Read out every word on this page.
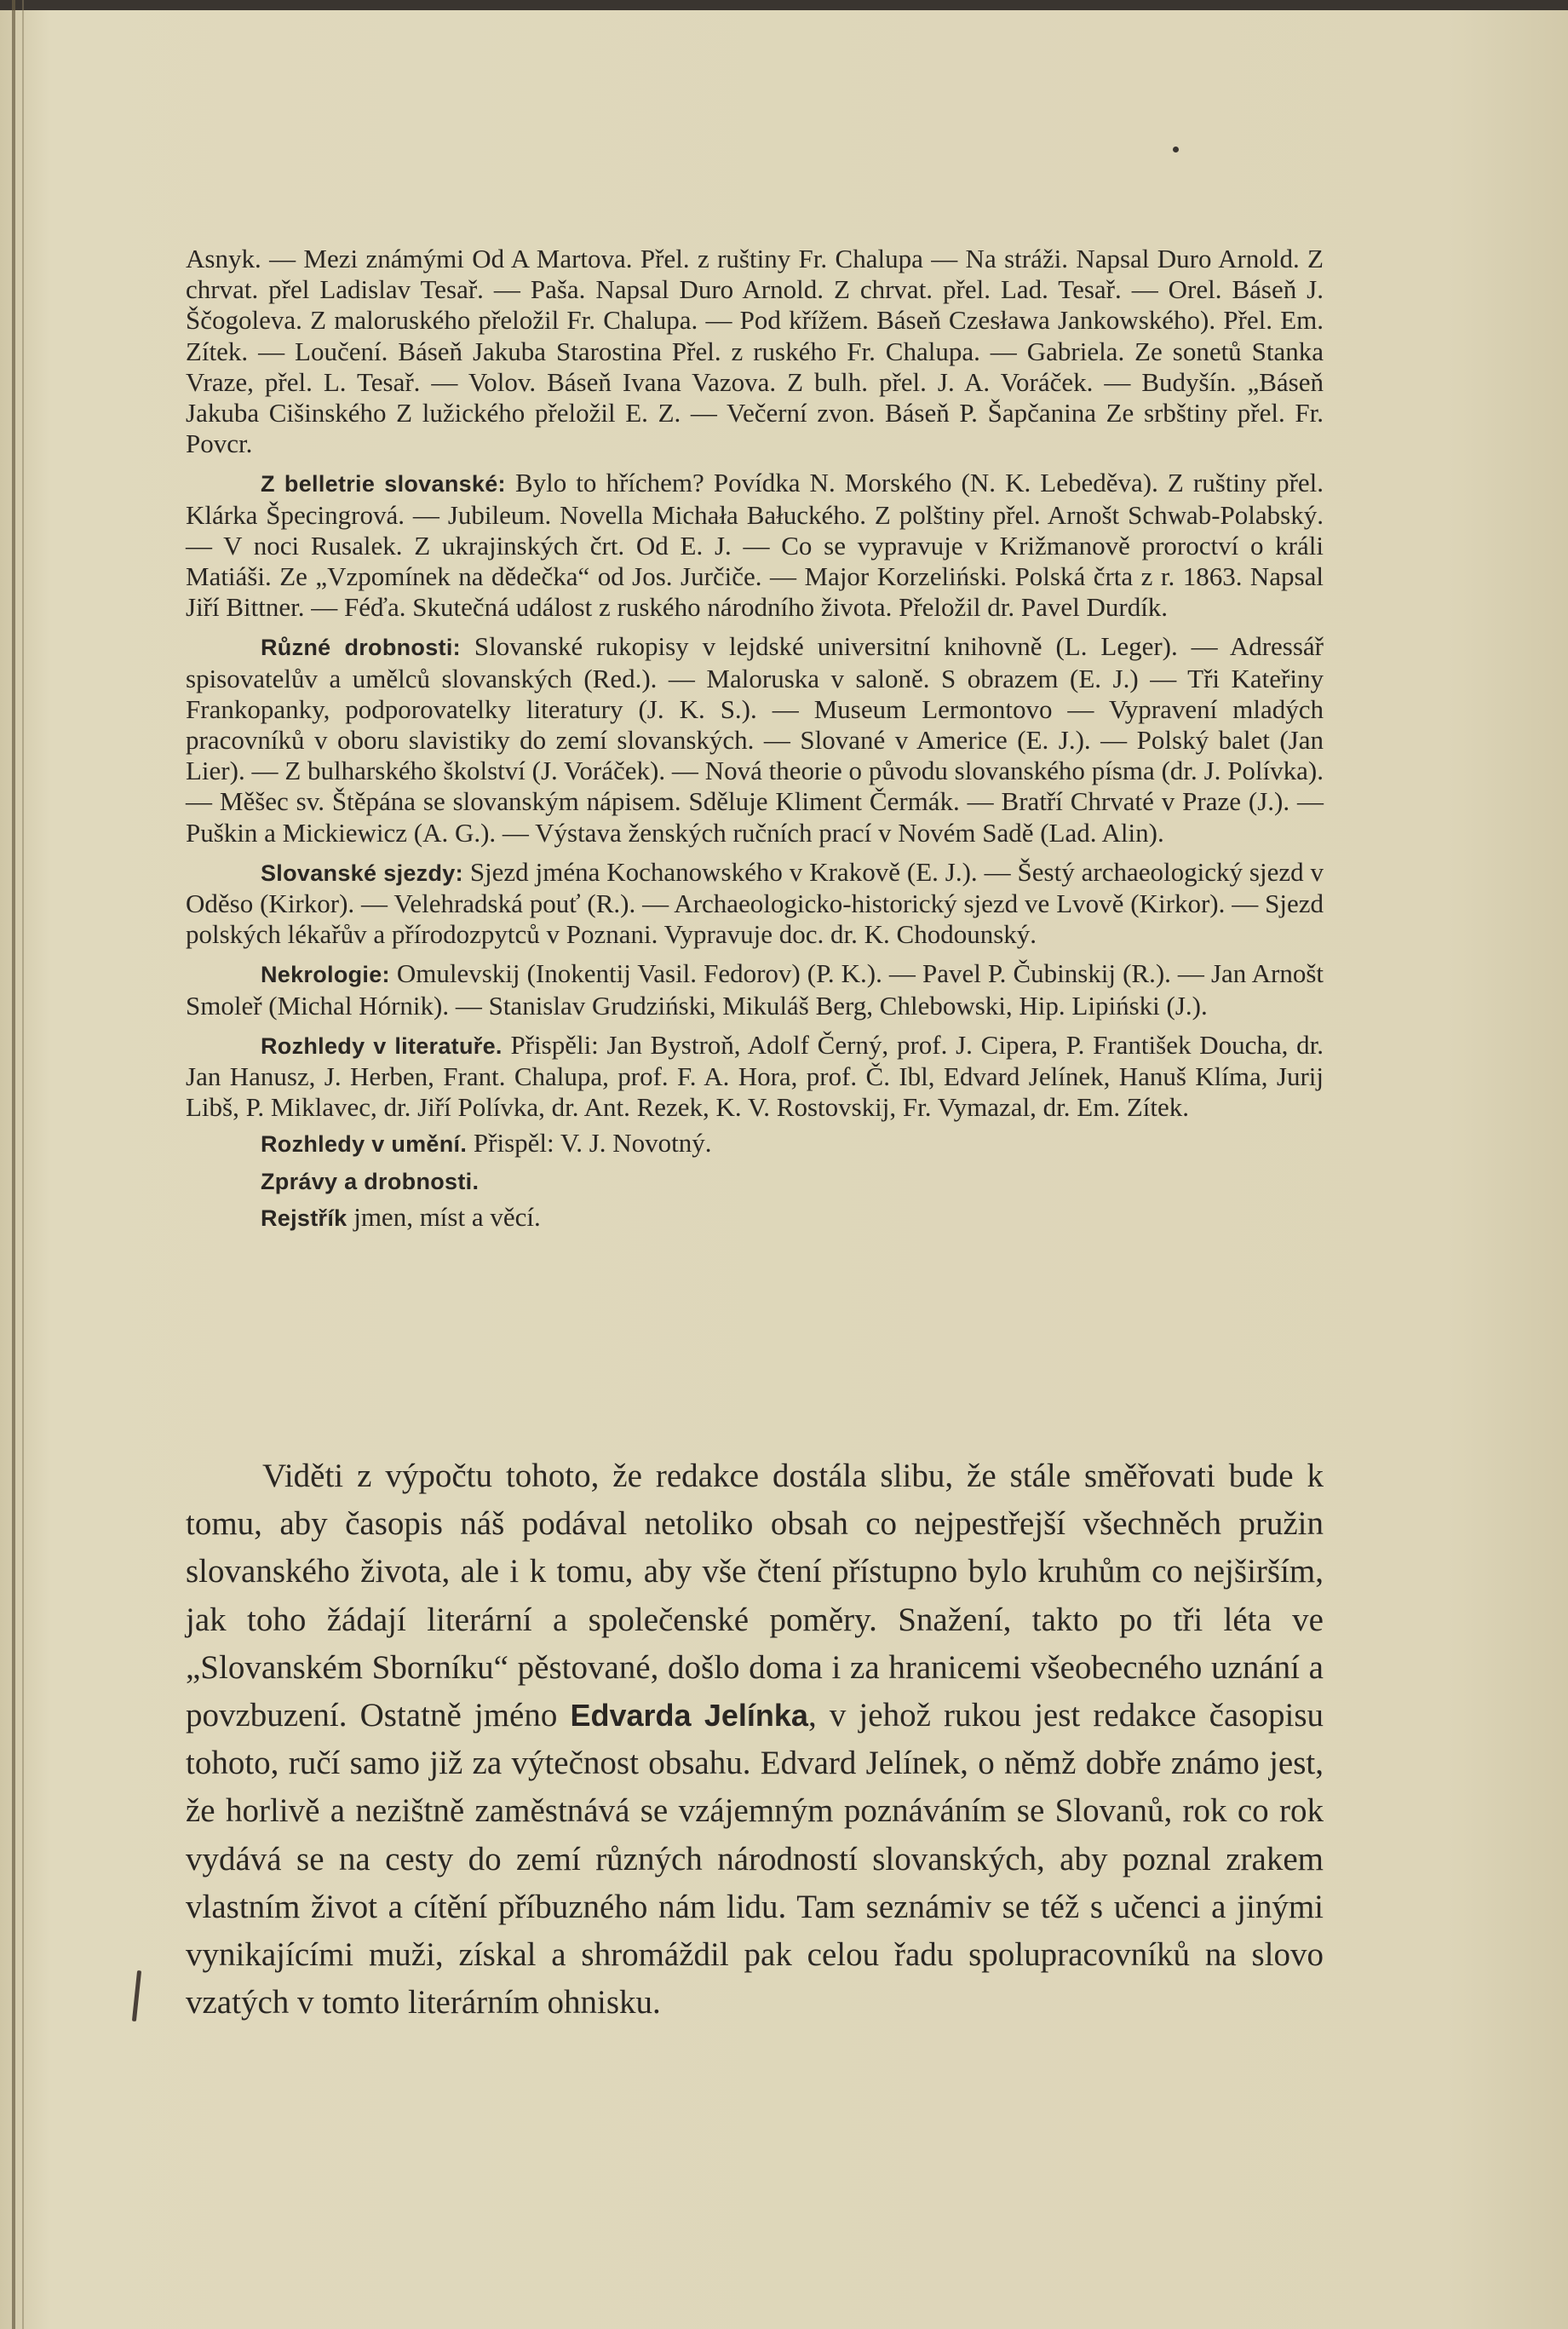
Asnyk. — Mezi známými Od A Martova. Přel. z ruštiny Fr. Chalupa — Na stráži. Napsal Duro Arnold. Z chrvat. přel Ladislav Tesař. — Paša. Napsal Duro Arnold. Z chrvat. přel. Lad. Tesař. — Orel. Báseň J. Ščogoleva. Z maloruského přeložil Fr. Chalupa. — Pod křížem. Báseň Czesława Jankowského). Přel. Em. Zítek. — Loučení. Báseň Jakuba Starostina Přel. z ruského Fr. Chalupa. — Gabriela. Ze sonetů Stanka Vraze, přel. L. Tesař. — Volov. Báseň Ivana Vazova. Z bulh. přel. J. A. Voráček. — Budyšín. „Báseň Jakuba Cišinského Z lužického přeložil E. Z. — Večerní zvon. Báseň P. Šapčanina Ze srbštiny přel. Fr. Povcr.

Z belletrie slovanské: Bylo to hříchem? Povídka N. Morského (N. K. Lebeděva). Z ruštiny přel. Klárka Špecingrová. — Jubileum. Novella Michała Bałuckého. Z polštiny přel. Arnošt Schwab-Polabský. — V noci Rusalek. Z ukrajinských črt. Od E. J. — Co se vypravuje v Križmanově proroctví o králi Matiáši. Ze „Vzpomínek na dědečka“ od Jos. Jurčiče. — Major Korzeliński. Polská črta z r. 1863. Napsal Jiří Bittner. — Féďa. Skutečná událost z ruského národního života. Přeložil dr. Pavel Durdík.

Různé drobnosti: Slovanské rukopisy v lejdské universitní knihovně (L. Leger). — Adressář spisovatelův a umělců slovanských (Red.). — Maloruska v saloně. S obrazem (E. J.) — Tři Kateřiny Frankopanky, podporovatelky literatury (J. K. S.). — Museum Lermontovo — Vypravení mladých pracovníků v oboru slavistiky do zemí slovanských. — Slované v Americe (E. J.). — Polský balet (Jan Lier). — Z bulharského školství (J. Voráček). — Nová theorie o původu slovanského písma (dr. J. Polívka). — Měšec sv. Štěpána se slovanským nápisem. Sděluje Kliment Čermák. — Bratří Chrvaté v Praze (J.). — Puškin a Mickiewicz (A. G.). — Výstava ženských ručních prací v Novém Sadě (Lad. Alin).

Slovanské sjezdy: Sjezd jména Kochanowského v Krakově (E. J.). — Šestý archaeologický sjezd v Oděso (Kirkor). — Velehradská pouť (R.). — Archaeologicko-historický sjezd ve Lvově (Kirkor). — Sjezd polských lékařův a přírodozpytců v Poznani. Vypravuje doc. dr. K. Chodounský.

Nekrologie: Omulevskij (Inokentij Vasil. Fedorov) (P. K.). — Pavel P. Čubinskij (R.). — Jan Arnošt Smoleř (Michal Hórnik). — Stanislav Grudziński, Mikuláš Berg, Chlebowski, Hip. Lipiński (J.).

Rozhledy v literatuře. Přispěli: Jan Bystroň, Adolf Černý, prof. J. Cipera, P. František Doucha, dr. Jan Hanusz, J. Herben, Frant. Chalupa, prof. F. A. Hora, prof. Č. Ibl, Edvard Jelínek, Hanuš Klíma, Jurij Libš, P. Miklavec, dr. Jiří Polívka, dr. Ant. Rezek, K. V. Rostovskij, Fr. Vymazal, dr. Em. Zítek.

Rozhledy v umění. Přispěl: V. J. Novotný.

Zprávy a drobnosti.

Rejstřík jmen, míst a věcí.

Viděti z výpočtu tohoto, že redakce dostála slibu, že stále směřovati bude k tomu, aby časopis náš podával netoliko obsah co nejpestřejší všechněch pružin slovanského života, ale i k tomu, aby vše čtení přístupno bylo kruhům co nejširším, jak toho žádají literární a společenské poměry. Snažení, takto po tři léta ve „Slovanském Sborníku“ pěstované, došlo doma i za hranicemi všeobecného uznání a povzbuzení. Ostatně jméno Edvarda Jelínka, v jehož rukou jest redakce časopisu tohoto, ručí samo již za výtečnost obsahu. Edvard Jelínek, o němž dobře známo jest, že horlivě a nezištně zaměstnává se vzájemným poznáváním se Slovanů, rok co rok vydává se na cesty do zemí různých národností slovanských, aby poznal zrakem vlastním život a cítění příbuzného nám lidu. Tam seznámiv se též s učenci a jinými vynikajícími muži, získal a shromáždil pak celou řadu spolupracovníků na slovo vzatých v tomto literárním ohnisku.
